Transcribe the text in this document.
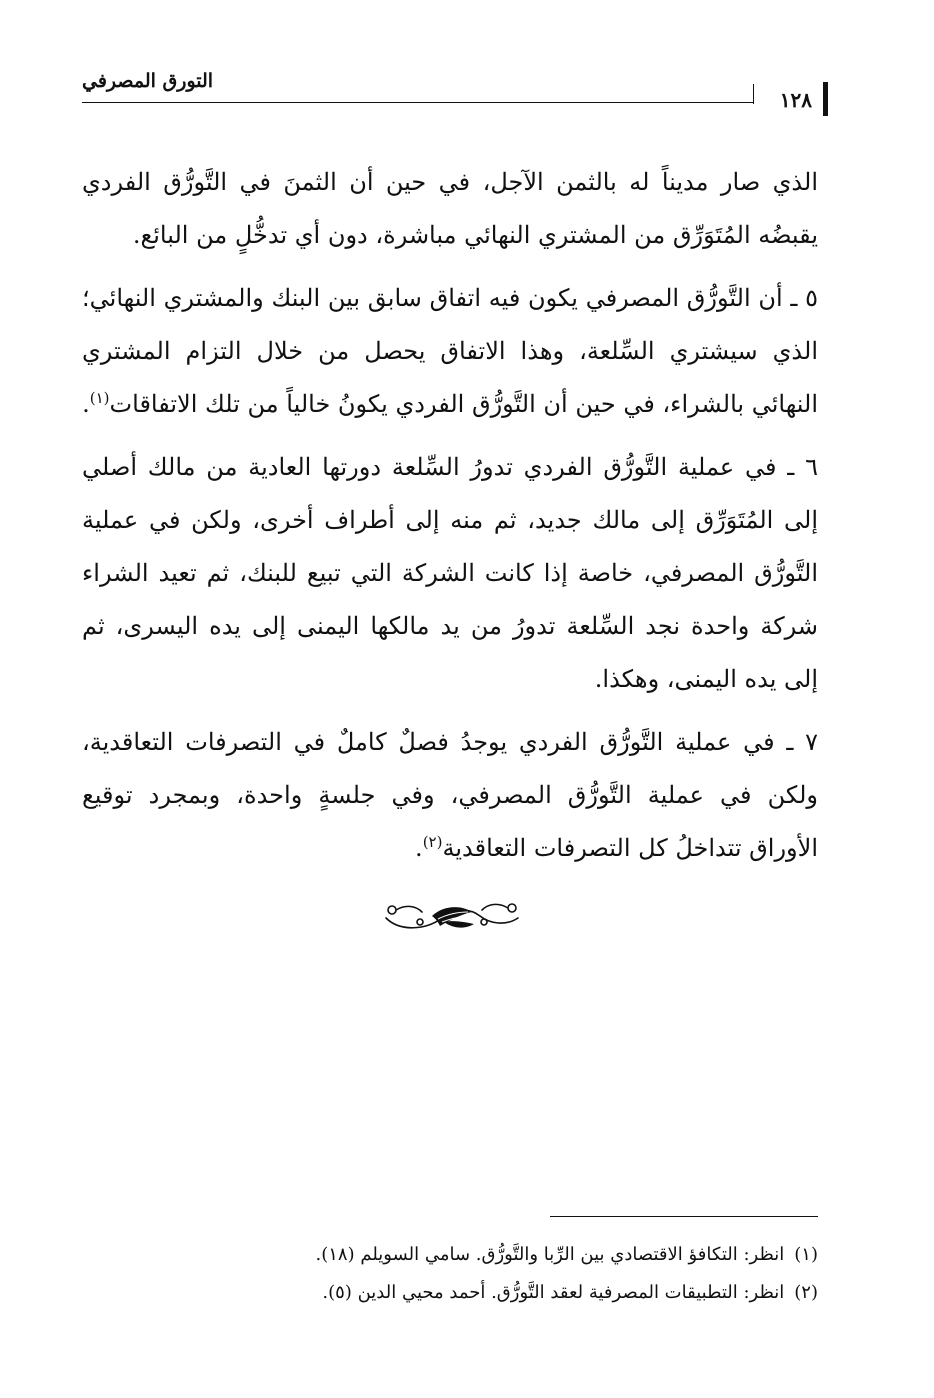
التورق المصرفي
١٢٨

الذي صار مديناً له بالثمن الآجل، في حين أن الثمنَ في التَّورُّق الفردي يقبضُه المُتَوَرِّق من المشتري النهائي مباشرة، دون أي تدخُّلٍ من البائع.

٥ ـ أن التَّورُّق المصرفي يكون فيه اتفاق سابق بين البنك والمشتري النهائي؛ الذي سيشتري السِّلعة، وهذا الاتفاق يحصل من خلال التزام المشتري النهائي بالشراء، في حين أن التَّورُّق الفردي يكونُ خالياً من تلك الاتفاقات$^{(١)}$.

٦ ـ في عملية التَّورُّق الفردي تدورُ السِّلعة دورتها العادية من مالك أصلي إلى المُتَوَرِّق إلى مالك جديد، ثم منه إلى أطراف أخرى، ولكن في عملية التَّورُّق المصرفي، خاصة إذا كانت الشركة التي تبيع للبنك، ثم تعيد الشراء شركة واحدة نجد السِّلعة تدورُ من يد مالكها اليمنى إلى يده اليسرى، ثم إلى يده اليمنى، وهكذا.

٧ ـ في عملية التَّورُّق الفردي يوجدُ فصلٌ كاملٌ في التصرفات التعاقدية، ولكن في عملية التَّورُّق المصرفي، وفي جلسةٍ واحدة، وبمجرد توقيع الأوراق تتداخلُ كل التصرفات التعاقدية$^{(٢)}$.

(١)انظر: التكافؤ الاقتصادي بين الرِّبا والتَّورُّق. سامي السويلم (١٨).
(٢)انظر: التطبيقات المصرفية لعقد التَّورُّق. أحمد محيي الدين (٥).
